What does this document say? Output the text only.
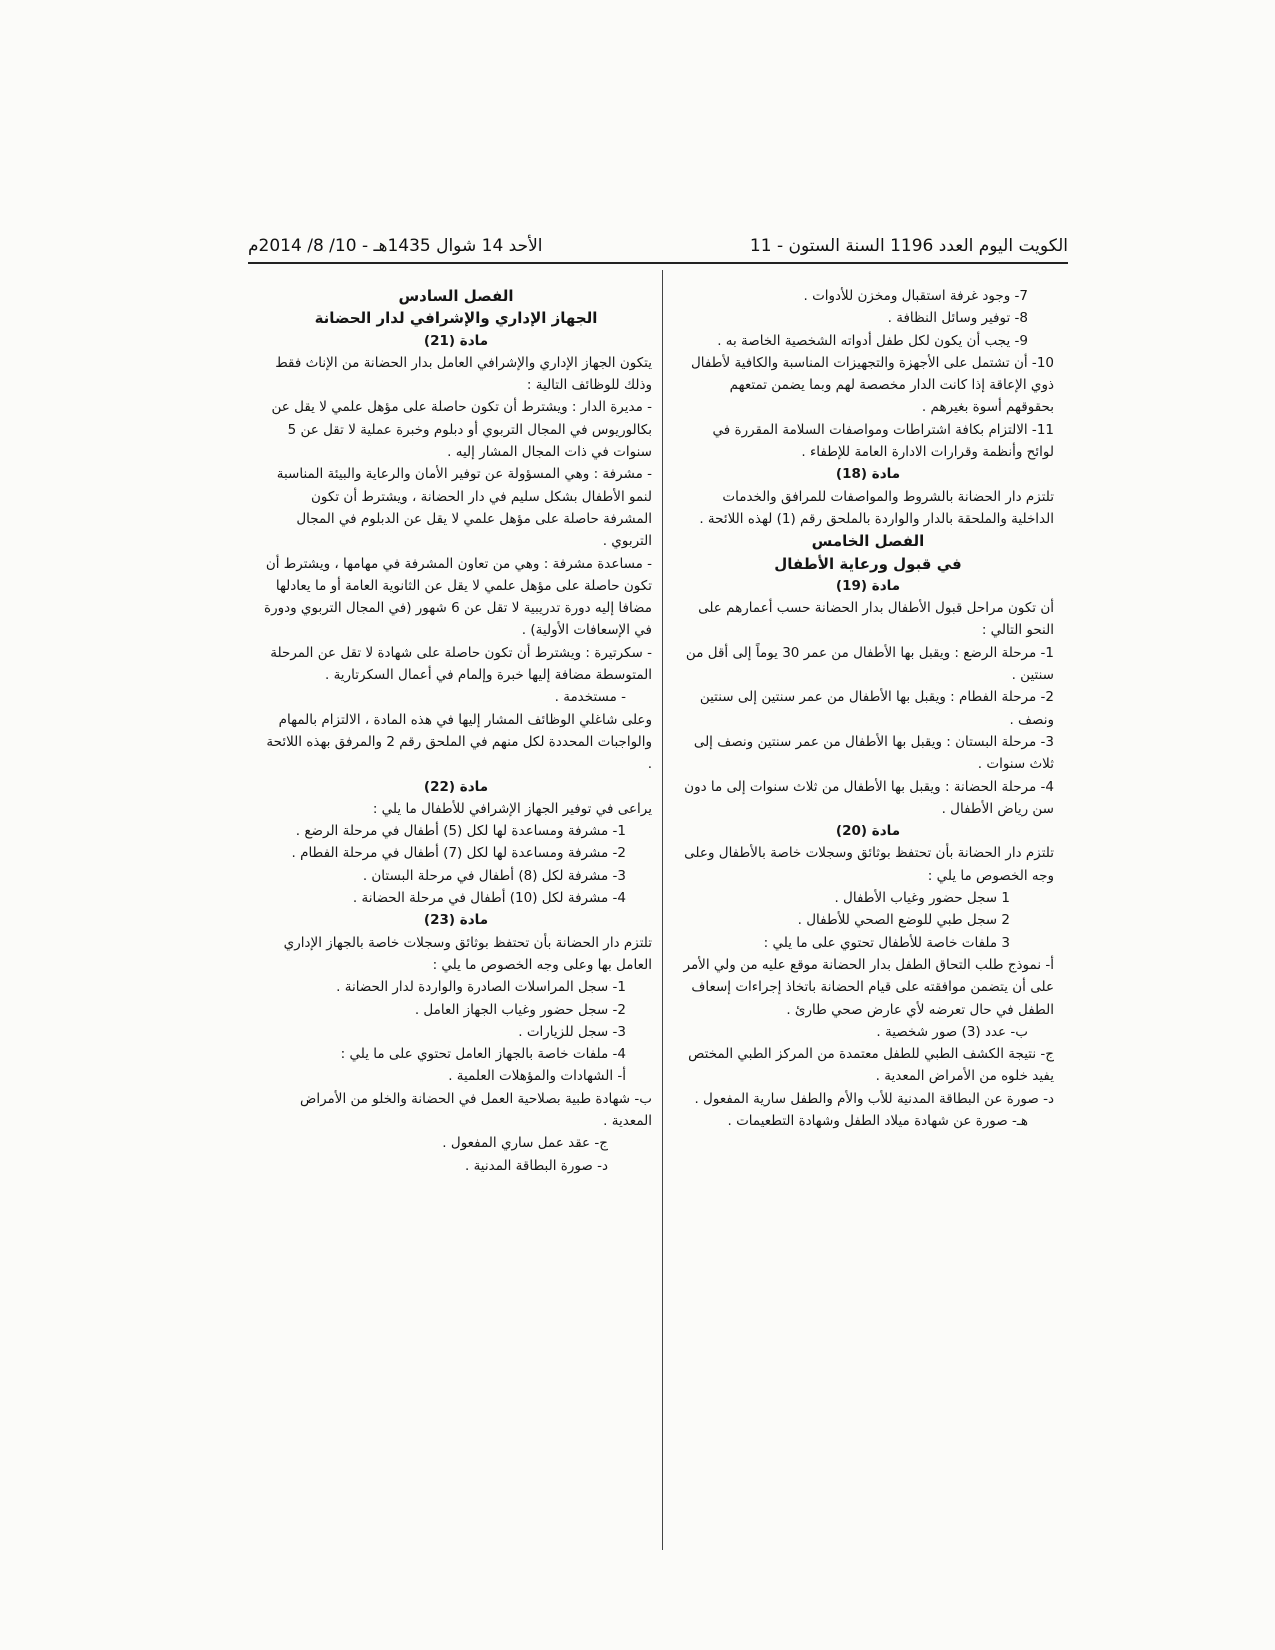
الكويت اليوم العدد 1196 السنة الستون - 11
الأحد 14 شوال 1435هـ - 10/ 8/ 2014م

7- وجود غرفة استقبال ومخزن للأدوات .

8- توفير وسائل النظافة .

9- يجب أن يكون لكل طفل أدواته الشخصية الخاصة به .

10- أن تشتمل على الأجهزة والتجهيزات المناسبة والكافية لأطفال ذوي الإعاقة إذا كانت الدار مخصصة لهم وبما يضمن تمتعهم بحقوقهم أسوة بغيرهم .

11- الالتزام بكافة اشتراطات ومواصفات السلامة المقررة في لوائح وأنظمة وقرارات الادارة العامة للإطفاء .

مادة (18)

تلتزم دار الحضانة بالشروط والمواصفات للمرافق والخدمات الداخلية والملحقة بالدار والواردة بالملحق رقم (1) لهذه اللائحة .

الفصل الخامس
في قبول ورعاية الأطفال
مادة (19)

أن تكون مراحل قبول الأطفال بدار الحضانة حسب أعمارهم على النحو التالي :

1- مرحلة الرضع : ويقبل بها الأطفال من عمر 30 يوماً إلى أقل من سنتين .

2- مرحلة الفطام : ويقبل بها الأطفال من عمر سنتين إلى سنتين ونصف .

3- مرحلة البستان : ويقبل بها الأطفال من عمر سنتين ونصف إلى ثلاث سنوات .

4- مرحلة الحضانة : ويقبل بها الأطفال من ثلاث سنوات إلى ما دون سن رياض الأطفال .

مادة (20)

تلتزم دار الحضانة بأن تحتفظ بوثائق وسجلات خاصة بالأطفال وعلى وجه الخصوص ما يلي :

1 سجل حضور وغياب الأطفال .

2 سجل طبي للوضع الصحي للأطفال .

3 ملفات خاصة للأطفال تحتوي على ما يلي :

أ- نموذج طلب التحاق الطفل بدار الحضانة موقع عليه من ولي الأمر على أن يتضمن موافقته على قيام الحضانة باتخاذ إجراءات إسعاف الطفل في حال تعرضه لأي عارض صحي طارئ .

ب- عدد (3) صور شخصية .

ج- نتيجة الكشف الطبي للطفل معتمدة من المركز الطبي المختص يفيد خلوه من الأمراض المعدية .

د- صورة عن البطاقة المدنية للأب والأم والطفل سارية المفعول .

هـ- صورة عن شهادة ميلاد الطفل وشهادة التطعيمات .

الفصل السادس
الجهاز الإداري والإشرافي لدار الحضانة
مادة (21)

يتكون الجهاز الإداري والإشرافي العامل بدار الحضانة من الإناث فقط وذلك للوظائف التالية :

- مديرة الدار : ويشترط أن تكون حاصلة على مؤهل علمي لا يقل عن بكالوريوس في المجال التربوي أو دبلوم وخبرة عملية لا تقل عن 5 سنوات في ذات المجال المشار إليه .

- مشرفة : وهي المسؤولة عن توفير الأمان والرعاية والبيئة المناسبة لنمو الأطفال بشكل سليم في دار الحضانة ، ويشترط أن تكون المشرفة حاصلة على مؤهل علمي لا يقل عن الدبلوم في المجال التربوي .

- مساعدة مشرفة : وهي من تعاون المشرفة في مهامها ، ويشترط أن تكون حاصلة على مؤهل علمي لا يقل عن الثانوية العامة أو ما يعادلها مضافا إليه دورة تدريبية لا تقل عن 6 شهور (في المجال التربوي ودورة في الإسعافات الأولية) .

- سكرتيرة : ويشترط أن تكون حاصلة على شهادة لا تقل عن المرحلة المتوسطة مضافة إليها خبرة وإلمام في أعمال السكرتارية .

- مستخدمة .

وعلى شاغلي الوظائف المشار إليها في هذه المادة ، الالتزام بالمهام والواجبات المحددة لكل منهم في الملحق رقم 2 والمرفق بهذه اللائحة .

مادة (22)

يراعى في توفير الجهاز الإشرافي للأطفال ما يلي :

1- مشرفة ومساعدة لها لكل (5) أطفال في مرحلة الرضع .

2- مشرفة ومساعدة لها لكل (7) أطفال في مرحلة الفطام .

3- مشرفة لكل (8) أطفال في مرحلة البستان .

4- مشرفة لكل (10) أطفال في مرحلة الحضانة .

مادة (23)

تلتزم دار الحضانة بأن تحتفظ بوثائق وسجلات خاصة بالجهاز الإداري العامل بها وعلى وجه الخصوص ما يلي :

1- سجل المراسلات الصادرة والواردة لدار الحضانة .

2- سجل حضور وغياب الجهاز العامل .

3- سجل للزيارات .

4- ملفات خاصة بالجهاز العامل تحتوي على ما يلي :

أ- الشهادات والمؤهلات العلمية .

ب- شهادة طبية بصلاحية العمل في الحضانة والخلو من الأمراض المعدية .

ج- عقد عمل ساري المفعول .

د- صورة البطاقة المدنية .
